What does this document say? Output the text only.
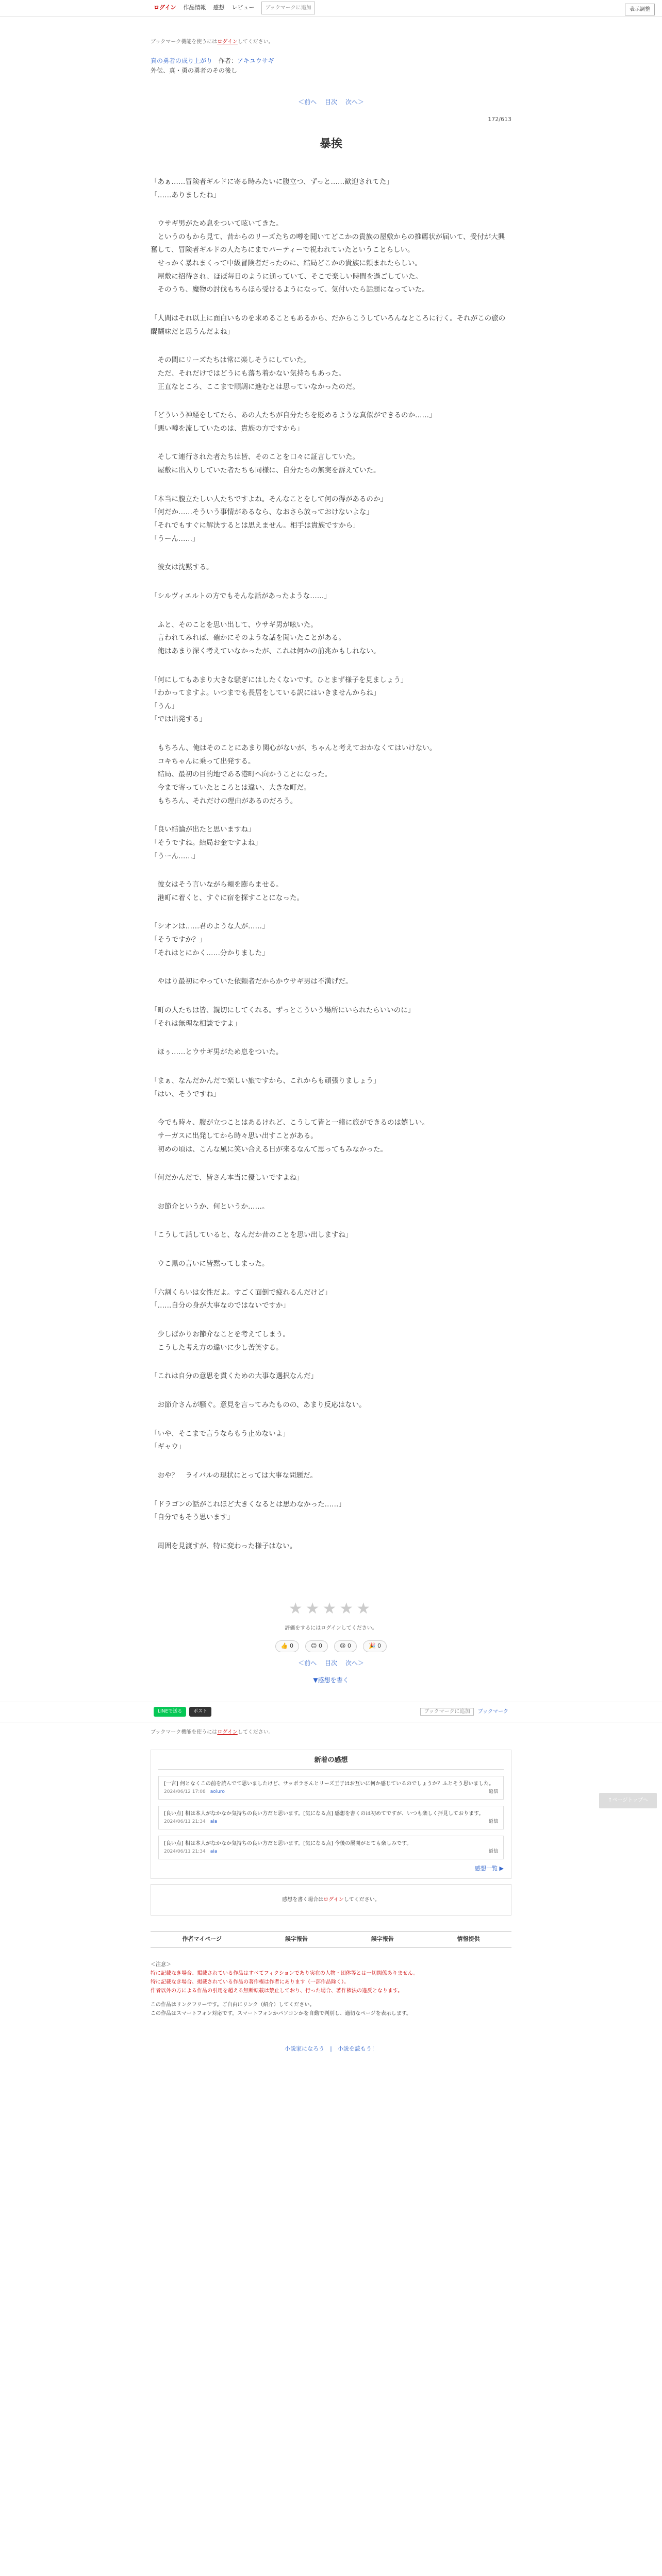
ログイン 作品情報 感想 レビュー	ブックマークに追加	表示調整
ブックマーク機能を使うにはログインしてください。
真の勇者の成り上がり　 作者：アキユウサギ
外伝、真・勇の勇者のその後し
＜前へ 目次 次へ＞
172/613
暴挨

「あぁ……冒険者ギルドに寄る時みたいに腹立つ、ずっと……歓迎されてた」

「……ありましたね」

　ウサギ男がため息をついて呟いてきた。

　というのもから見て、昔からのリーズたちの噂を聞いてどこかの貴族の屋敷からの推薦状が届いて、受付が大興奮して、冒険者ギルドの人たちにまでパーティーで祝われていたということらしい。

　せっかく暴れまくって中級冒険者だったのに、結局どこかの貴族に頼まれたらしい。

　屋敷に招待され、ほぼ毎日のように通っていて、そこで楽しい時間を過ごしていた。

　そのうち、魔物の討伐もちらほら受けるようになって、気付いたら話題になっていた。

「人間はそれ以上に面白いものを求めることもあるから、だからこうしていろんなところに行く。それがこの旅の醍醐味だと思うんだよね」

　その間にリーズたちは常に楽しそうにしていた。

　ただ、それだけではどうにも落ち着かない気持ちもあった。

　正直なところ、ここまで順調に進むとは思っていなかったのだ。

「どういう神経をしてたら、あの人たちが自分たちを貶めるような真似ができるのか……」

「悪い噂を流していたのは、貴族の方ですから」

　そして連行された者たちは皆、そのことを口々に証言していた。

　屋敷に出入りしていた者たちも同様に、自分たちの無実を訴えていた。

「本当に腹立たしい人たちですよね。そんなことをして何の得があるのか」

「何だか……そういう事情があるなら、なおさら放っておけないよな」

「それでもすぐに解決するとは思えません。相手は貴族ですから」

「うーん……」

　彼女は沈黙する。

「シルヴィエルトの方でもそんな話があったような……」

　ふと、そのことを思い出して、ウサギ男が呟いた。

　言われてみれば、確かにそのような話を聞いたことがある。

　俺はあまり深く考えていなかったが、これは何かの前兆かもしれない。

「何にしてもあまり大きな騒ぎにはしたくないです。ひとまず様子を見ましょう」

「わかってますよ。いつまでも長居をしている訳にはいきませんからね」

「うん」

「では出発する」

　もちろん、俺はそのことにあまり関心がないが、ちゃんと考えておかなくてはいけない。

　コキちゃんに乗って出発する。

　結局、最初の目的地である港町へ向かうことになった。

　今まで寄っていたところとは違い、大きな町だ。

　もちろん、それだけの理由があるのだろう。

「良い結論が出たと思いますね」

「そうですね。結局お金ですよね」

「うーん……」

　彼女はそう言いながら頬を膨らませる。

　港町に着くと、すぐに宿を探すことになった。

「シオンは……君のような人が……」

「そうですか？」

「それはとにかく……分かりました」

　やはり最初にやっていた依頼者だからかウサギ男は不満げだ。

「町の人たちは皆、親切にしてくれる。ずっとこういう場所にいられたらいいのに」

「それは無理な相談ですよ」

　ほぅ……とウサギ男がため息をついた。

「まぁ、なんだかんだで楽しい旅ですから、これからも頑張りましょう」

「はい、そうですね」

　今でも時々、腹が立つことはあるけれど、こうして皆と一緒に旅ができるのは嬉しい。

　サーガスに出発してから時々思い出すことがある。

　初めの頃は、こんな風に笑い合える日が来るなんて思ってもみなかった。

「何だかんだで、皆さん本当に優しいですよね」

　お節介というか、何というか……。

「こうして話していると、なんだか昔のことを思い出しますね」

　ウこ黒の言いに皆黙ってしまった。

「六割くらいは女性だよ。すごく面倒で疲れるんだけど」

「……自分の身が大事なのではないですか」

　少しばかりお節介なことを考えてしまう。

　こうした考え方の違いに少し苦笑する。

「これは自分の意思を貫くための大事な選択なんだ」

　お節介さんが騒ぐ。意見を言ってみたものの、あまり反応はない。

「いや、そこまで言うならもう止めないよ」

「ギャウ」

　おや？　ライバルの現状にとっては大事な問題だ。

「ドラゴンの話がこれほど大きくなるとは思わなかった……」

「自分でもそう思います」

　周囲を見渡すが、特に変わった様子はない。

★★★★★
評価をするにはログインしてください。
👍 0	😊 0	😢 0	🎉 0
＜前へ 目次 次へ＞
▼感想を書く
↑ページトップへ
LINEで送る	ポスト	ブックマークに追加 ブックマーク
ブックマーク機能を使うにはログインしてください。
新着の感想
[一言] 何となくこの前を読んでて思いましたけど、サッポラさんとリーズ王子はお互いに何か感じているのでしょうか？ふとそう思いました。
2024/06/12 17:08　 aoiuro	返信
[良い点] 相は本人がなかなか気持ちの良い方だと思います。[気になる点] 感想を書くのは初めてですが、いつも楽しく拝見しております。
2024/06/11 21:34　 aia	返信
[良い点] 相は本人がなかなか気持ちの良い方だと思います。[気になる点] 今後の展開がとても楽しみです。
2024/06/11 21:34　 aia	返信
感想一覧 ▶
感想を書く場合はログインしてください。
作者マイページ	誤字報告	誤字報告	情報提供
＜注意＞
特に記載なき場合、掲載されている作品はすべてフィクションであり実在の人物・団体等とは一切関係ありません。
特に記載なき場合、掲載されている作品の著作権は作者にあります（一部作品除く）。
作者以外の方による作品の引用を超える無断転載は禁止しており、行った場合、著作権法の違反となります。
この作品はリンクフリーです。ご自由にリンク（紹介）してください。
この作品はスマートフォン対応です。スマートフォンかパソコンかを自動で判別し、適切なページを表示します。
小説家になろう　|　小説を読もう！
